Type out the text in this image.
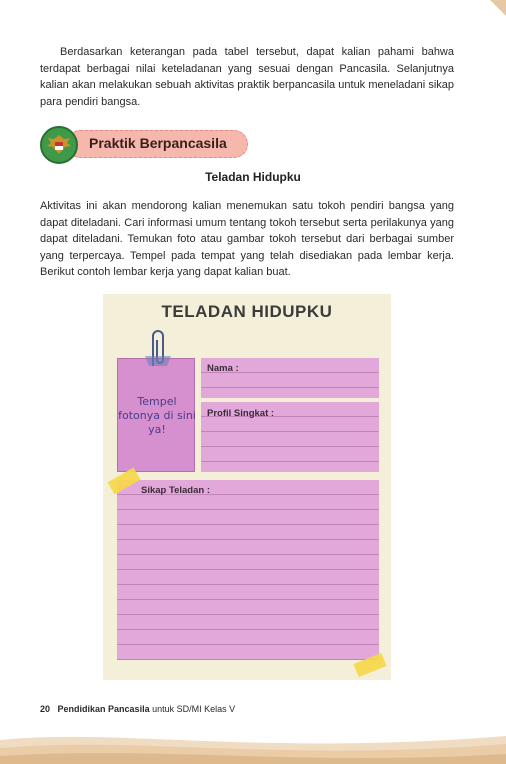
Berdasarkan keterangan pada tabel tersebut, dapat kalian pahami bahwa terdapat berbagai nilai keteladanan yang sesuai dengan Pancasila. Selanjutnya kalian akan melakukan sebuah aktivitas praktik berpancasila untuk meneladani sikap para pendiri bangsa.

Praktik Berpancasila
Teladan Hidupku

Aktivitas ini akan mendorong kalian menemukan satu tokoh pendiri bangsa yang dapat diteladani. Cari informasi umum tentang tokoh tersebut serta perilakunya yang dapat diteladani. Temukan foto atau gambar tokoh tersebut dari berbagai sumber yang terpercaya. Tempel pada tempat yang telah disediakan pada lembar kerja. Berikut contoh lembar kerja yang dapat kalian buat.

TELADAN HIDUPKU
Tempel fotonya di sini ya!
Nama :
Profil Singkat :
Sikap Teladan :
20 Pendidikan Pancasila untuk SD/MI Kelas V
